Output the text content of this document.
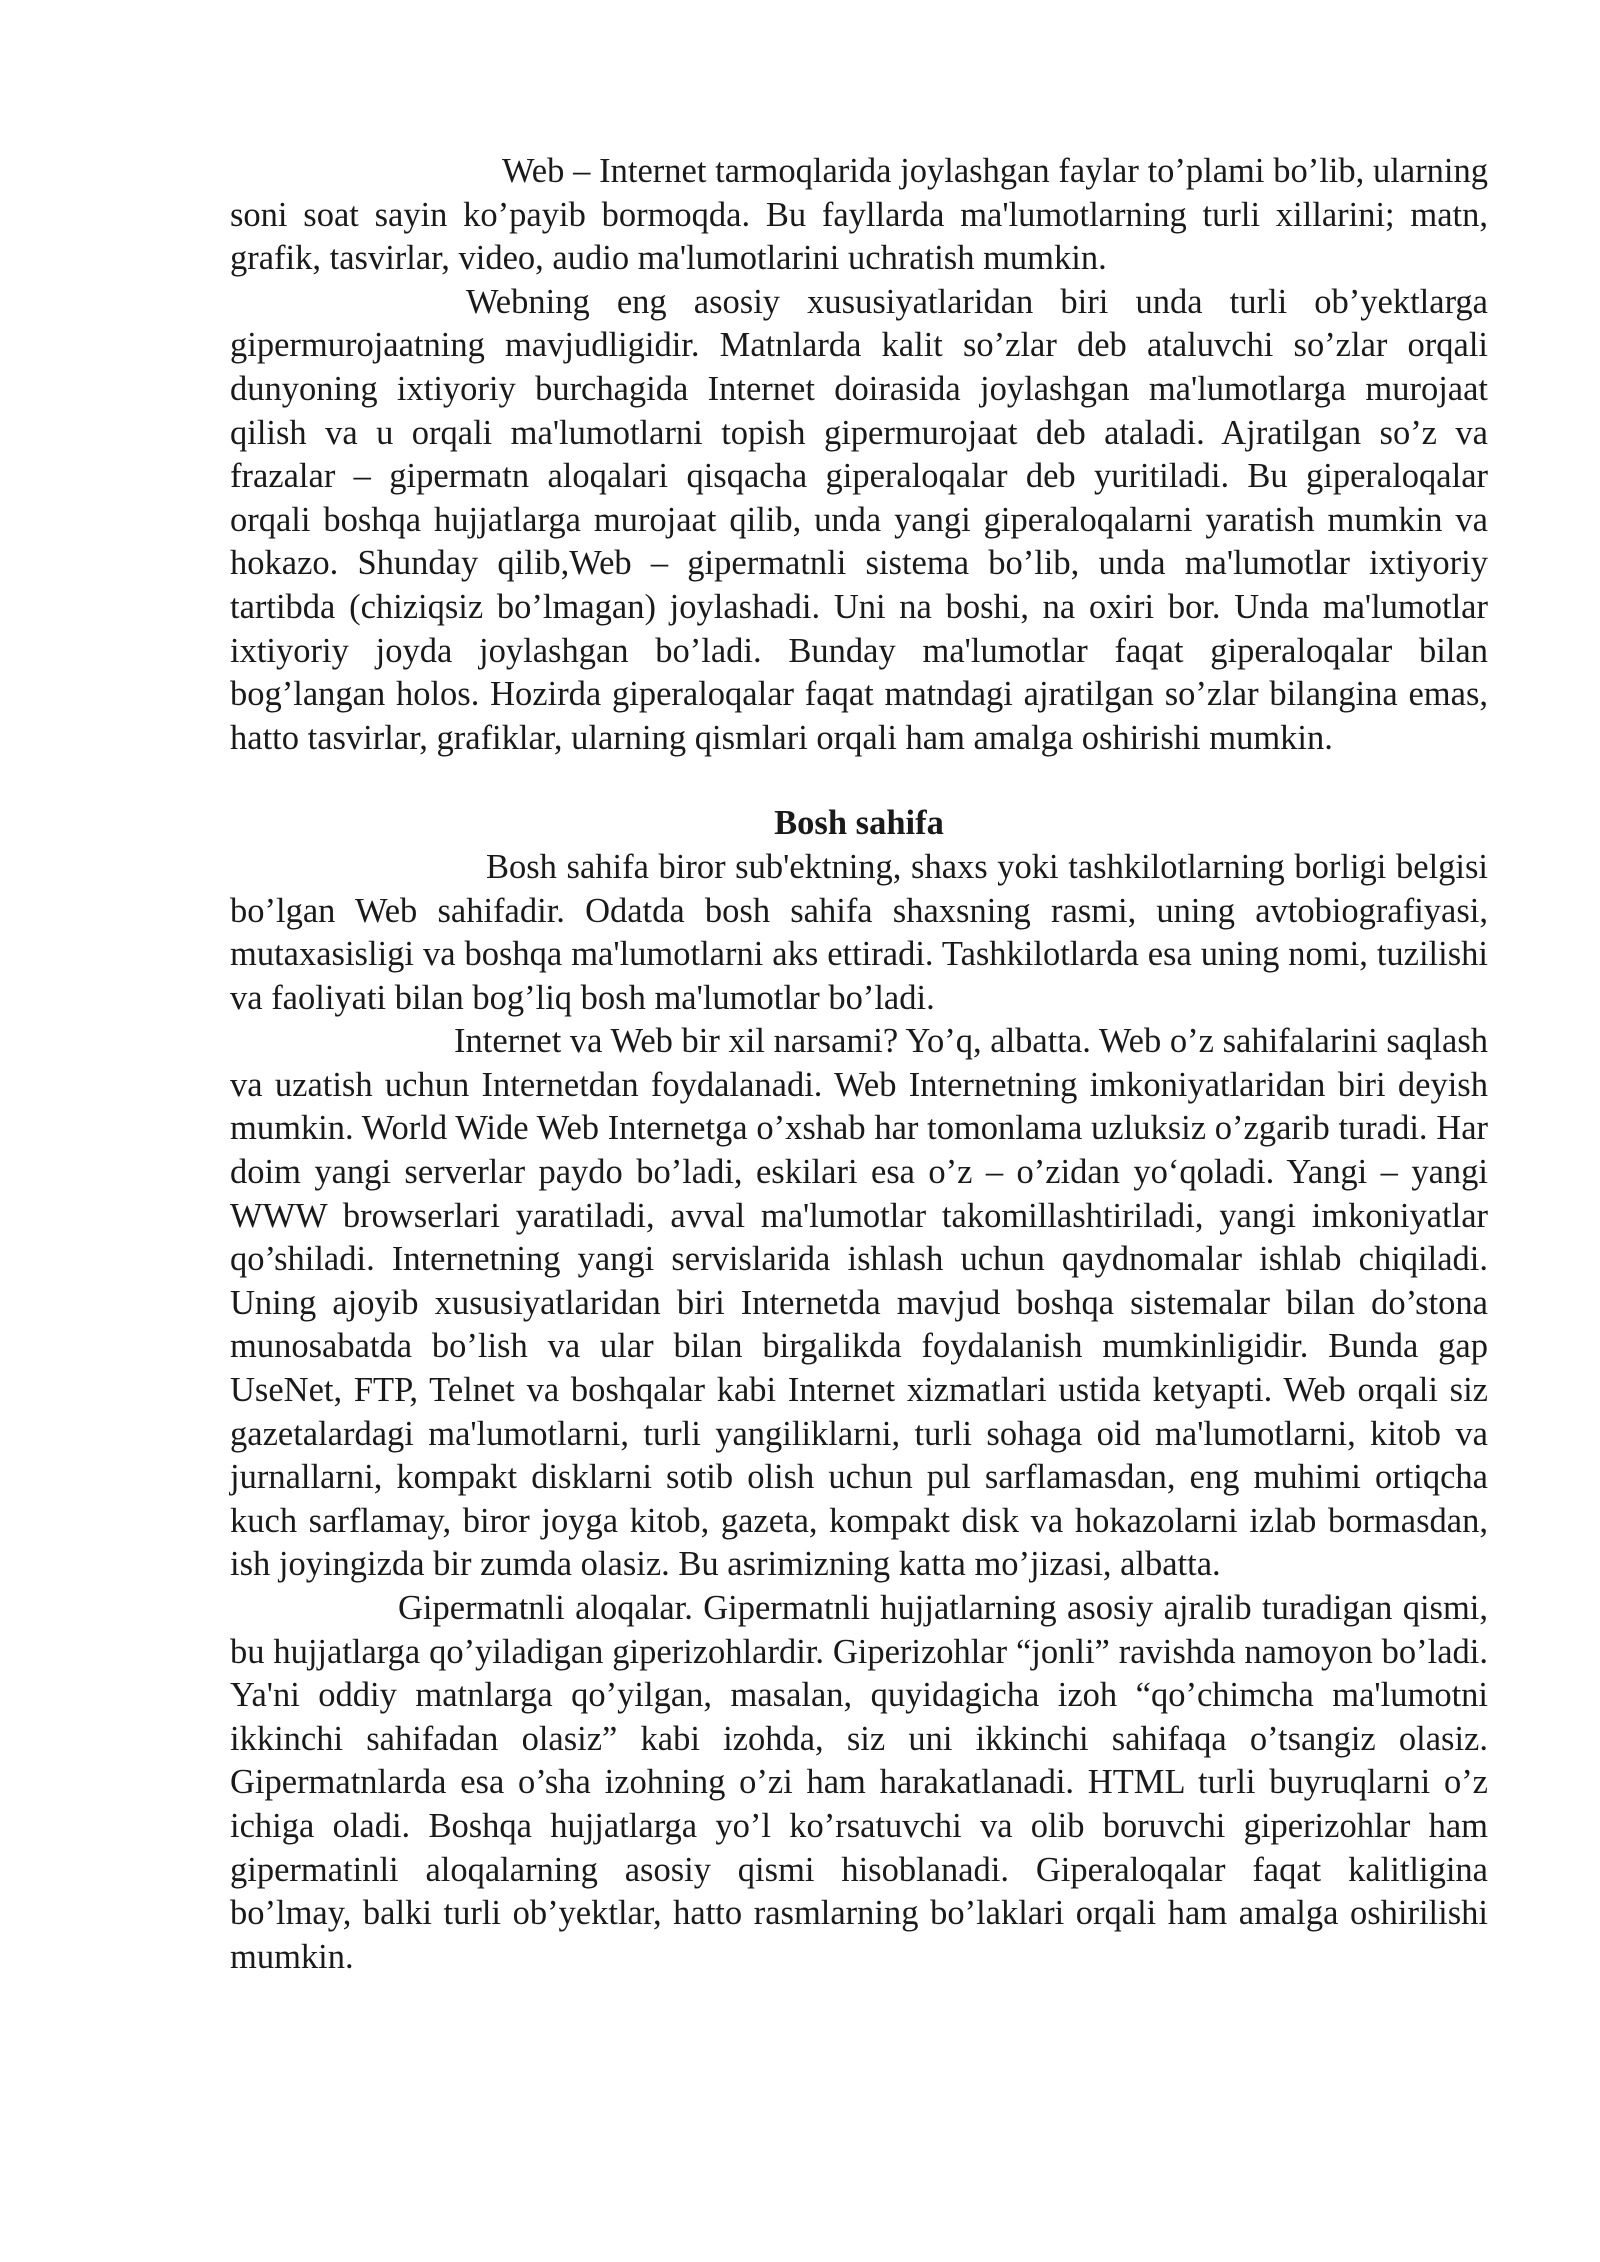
Web – Internet tarmoqlarida joylashgan faylar to’plami bo’lib, ularning soni soat sayin ko’payib bormoqda. Bu fayllarda ma'lumotlarning turli xillarini; matn, grafik, tasvirlar, video, audio ma'lumotlarini uchratish mumkin.

Webning eng asosiy xususiyatlaridan biri unda turli ob’yektlarga gipermurojaatning mavjudligidir. Matnlarda kalit so’zlar deb ataluvchi so’zlar orqali dunyoning ixtiyoriy burchagida Internet doirasida joylashgan ma'lumotlarga murojaat qilish va u orqali ma'lumotlarni topish gipermurojaat deb ataladi. Ajratilgan so’z va frazalar – gipermatn aloqalari qisqacha giperaloqalar deb yuritiladi. Bu giperaloqalar orqali boshqa hujjatlarga murojaat qilib, unda yangi giperaloqalarni yaratish mumkin va hokazo. Shunday qilib,Web – gipermatnli sistema bo’lib, unda ma'lumotlar ixtiyoriy tartibda (chiziqsiz bo’lmagan) joylashadi. Uni na boshi, na oxiri bor. Unda ma'lumotlar ixtiyoriy joyda joylashgan bo’ladi. Bunday ma'lumotlar faqat giperaloqalar bilan bog’langan holos. Hozirda giperaloqalar faqat matndagi ajratilgan so’zlar bilangina emas, hatto tasvirlar, grafiklar, ularning qismlari orqali ham amalga oshirishi mumkin.

Bosh sahifa

Bosh sahifa biror sub'ektning, shaxs yoki tashkilotlarning borligi belgisi bo’lgan Web sahifadir. Odatda bosh sahifa shaxsning rasmi, uning avtobiografiyasi, mutaxasisligi va boshqa ma'lumotlarni aks ettiradi. Tashkilotlarda esa uning nomi, tuzilishi va faoliyati bilan bog’liq bosh ma'lumotlar bo’ladi.

Internet va Web bir xil narsami? Yo’q, albatta. Web o’z sahifalarini saqlash va uzatish uchun Internetdan foydalanadi. Web Internetning imkoniyatlaridan biri deyish mumkin. World Wide Web Internetga o’xshab har tomonlama uzluksiz o’zgarib turadi. Har doim yangi serverlar paydo bo’ladi, eskilari esa o’z – o’zidan yo‘qoladi. Yangi – yangi WWW browserlari yaratiladi, avval ma'lumotlar takomillashtiriladi, yangi imkoniyatlar qo’shiladi. Internetning yangi servislarida ishlash uchun qaydnomalar ishlab chiqiladi. Uning ajoyib xususiyatlaridan biri Internetda mavjud boshqa sistemalar bilan do’stona munosabatda bo’lish va ular bilan birgalikda foydalanish mumkinligidir. Bunda gap UseNet, FTP, Telnet va boshqalar kabi Internet xizmatlari ustida ketyapti. Web orqali siz gazetalardagi ma'lumotlarni, turli yangiliklarni, turli sohaga oid ma'lumotlarni, kitob va jurnallarni, kompakt disklarni sotib olish uchun pul sarflamasdan, eng muhimi ortiqcha kuch sarflamay, biror joyga kitob, gazeta, kompakt disk va hokazolarni izlab bormasdan, ish joyingizda bir zumda olasiz. Bu asrimizning katta mo’jizasi, albatta.

Gipermatnli aloqalar. Gipermatnli hujjatlarning asosiy ajralib turadigan qismi, bu hujjatlarga qo’yiladigan giperizohlardir. Giperizohlar “jonli” ravishda namoyon bo’ladi. Ya'ni oddiy matnlarga qo’yilgan, masalan, quyidagicha izoh “qo’chimcha ma'lumotni ikkinchi sahifadan olasiz” kabi izohda, siz uni ikkinchi sahifaqa o’tsangiz olasiz. Gipermatnlarda esa o’sha izohning o’zi ham harakatlanadi. HTML turli buyruqlarni o’z ichiga oladi. Boshqa hujjatlarga yo’l ko’rsatuvchi va olib boruvchi giperizohlar ham gipermatinli aloqalarning asosiy qismi hisoblanadi. Giperaloqalar faqat kalitligina bo’lmay, balki turli ob’yektlar, hatto rasmlarning bo’laklari orqali ham amalga oshirilishi mumkin.
